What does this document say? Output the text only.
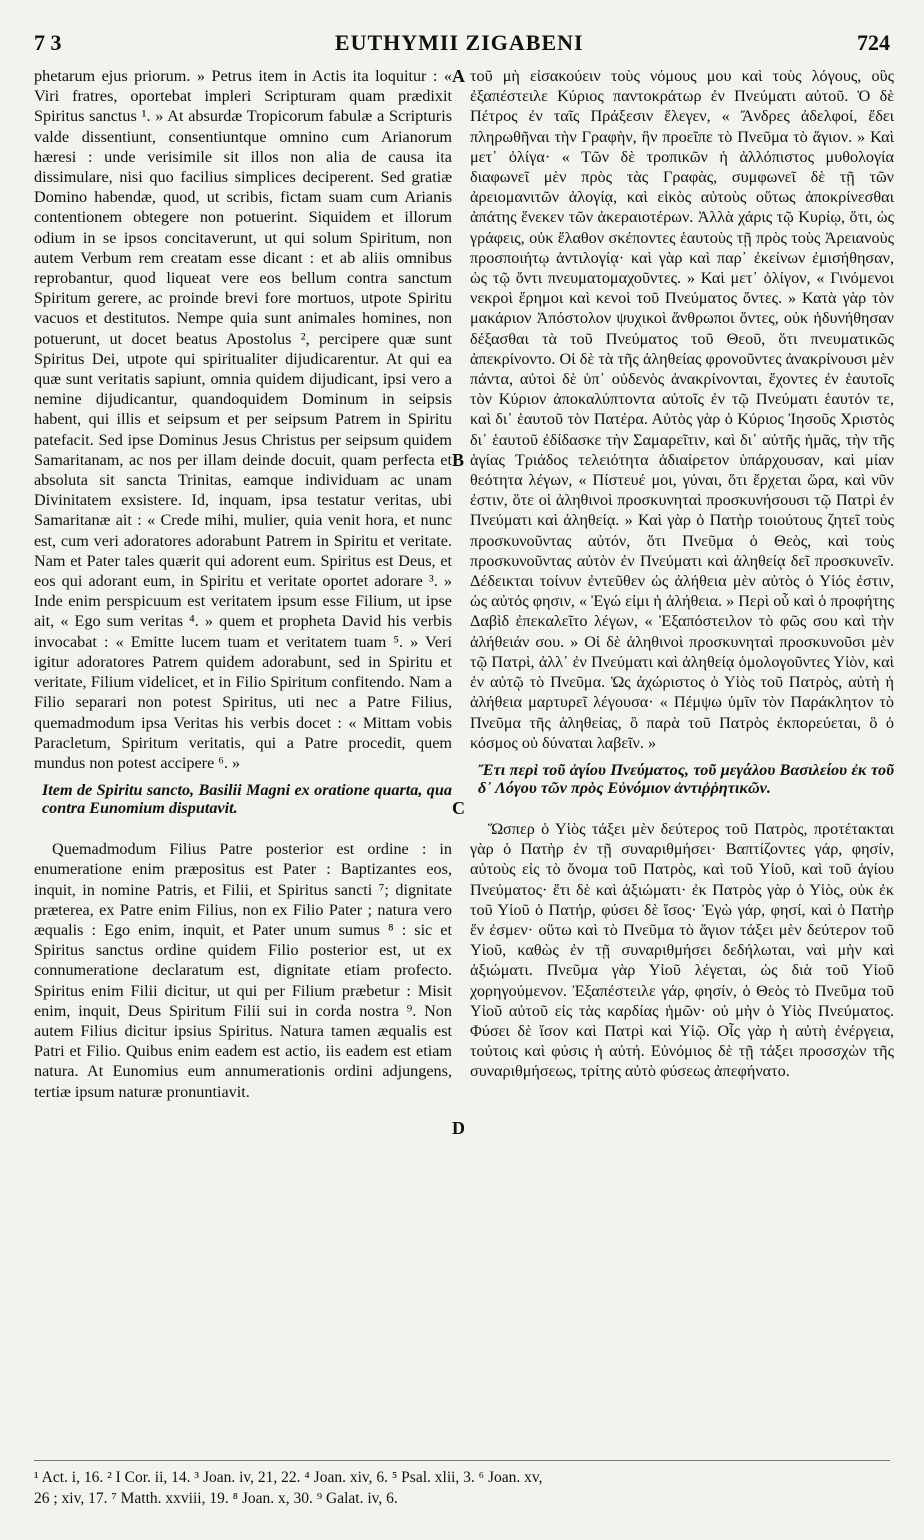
7 3	EUTHYMII ZIGABENI	724

phetarum ejus priorum. » Petrus item in Actis ita loquitur : « Viri fratres, oportebat impleri Scripturam quam prædixit Spiritus sanctus ¹. » At absurdæ Tropicorum fabulæ a Scripturis valde dissentiunt, consentiuntque omnino cum Arianorum hæresi : unde verisimile sit illos non alia de causa ita dissimulare, nisi quo facilius simplices deciperent. Sed gratiæ Domino habendæ, quod, ut scribis, fictam suam cum Arianis contentionem obtegere non potuerint. Siquidem et illorum odium in se ipsos concitaverunt, ut qui solum Spiritum, non autem Verbum rem creatam esse dicant : et ab aliis omnibus reprobantur, quod liqueat vere eos bellum contra sanctum Spiritum gerere, ac proinde brevi fore mortuos, utpote Spiritu vacuos et destitutos. Nempe quia sunt animales homines, non potuerunt, ut docet beatus Apostolus ², percipere quæ sunt Spiritus Dei, utpote qui spiritualiter dijudicarentur. At qui ea quæ sunt veritatis sapiunt, omnia quidem dijudicant, ipsi vero a nemine dijudicantur, quandoquidem Dominum in seipsis habent, qui illis et seipsum et per seipsum Patrem in Spiritu patefacit. Sed ipse Dominus Jesus Christus per seipsum quidem Samaritanam, ac nos per illam deinde docuit, quam perfecta et absoluta sit sancta Trinitas, eamque individuam ac unam Divinitatem exsistere. Id, inquam, ipsa testatur veritas, ubi Samaritanæ ait : « Crede mihi, mulier, quia venit hora, et nunc est, cum veri adoratores adorabunt Patrem in Spiritu et veritate. Nam et Pater tales quærit qui adorent eum. Spiritus est Deus, et eos qui adorant eum, in Spiritu et veritate oportet adorare ³. » Inde enim perspicuum est veritatem ipsum esse Filium, ut ipse ait, « Ego sum veritas ⁴. » quem et propheta David his verbis invocabat : « Emitte lucem tuam et veritatem tuam ⁵. » Veri igitur adoratores Patrem quidem adorabunt, sed in Spiritu et veritate, Filium videlicet, et in Filio Spiritum confitendo. Nam a Filio separari non potest Spiritus, uti nec a Patre Filius, quemadmodum ipsa Veritas his verbis docet : « Mittam vobis Paracletum, Spiritum veritatis, qui a Patre procedit, quem mundus non potest accipere ⁶. »

Item de Spiritu sancto, Basilii Magni ex oratione quarta, qua contra Eunomium disputavit.

Quemadmodum Filius Patre posterior est ordine : in enumeratione enim præpositus est Pater : Baptizantes eos, inquit, in nomine Patris, et Filii, et Spiritus sancti ⁷; dignitate præterea, ex Patre enim Filius, non ex Filio Pater ; natura vero æqualis : Ego enim, inquit, et Pater unum sumus ⁸ : sic et Spiritus sanctus ordine quidem Filio posterior est, ut ex connumeratione declaratum est, dignitate etiam profecto. Spiritus enim Filii dicitur, ut qui per Filium præbetur : Misit enim, inquit, Deus Spiritum Filii sui in corda nostra ⁹. Non autem Filius dicitur ipsius Spiritus. Natura tamen æqualis est Patri et Filio. Quibus enim eadem est actio, iis eadem est etiam natura. At Eunomius eum annumerationis ordini adjungens, tertiæ ipsum naturæ pronuntiavit.

A
B
C
D

τοῦ μὴ εἰσακούειν τοὺς νόμους μου καὶ τοὺς λόγους, οὓς ἐξαπέστειλε Κύριος παντοκράτωρ ἐν Πνεύματι αὐτοῦ. Ὁ δὲ Πέτρος ἐν ταῖς Πράξεσιν ἔλεγεν, « Ἄνδρες ἀδελφοί, ἔδει πληρωθῆναι τὴν Γραφὴν, ἣν προεῖπε τὸ Πνεῦμα τὸ ἅγιον. » Καὶ μετ᾽ ὀλίγα· « Τῶν δὲ τροπικῶν ἡ ἀλλόπιστος μυθολογία διαφωνεῖ μὲν πρὸς τὰς Γραφὰς, συμφωνεῖ δὲ τῇ τῶν ἀρειομανιτῶν ἀλογίᾳ, καὶ εἰκὸς αὐτοὺς οὕτως ἀποκρίνεσθαι ἀπάτης ἕνεκεν τῶν ἀκεραιοτέρων. Ἀλλὰ χάρις τῷ Κυρίῳ, ὅτι, ὡς γράφεις, οὐκ ἔλαθον σκέποντες ἑαυτοὺς τῇ πρὸς τοὺς Ἀρειανοὺς προσποιήτῳ ἀντιλογίᾳ· καὶ γὰρ καὶ παρ᾽ ἐκείνων ἐμισήθησαν, ὡς τῷ ὄντι πνευματομαχοῦντες. » Καὶ μετ᾽ ὀλίγον, « Γινόμενοι νεκροὶ ἔρημοι καὶ κενοὶ τοῦ Πνεύματος ὄντες. » Κατὰ γὰρ τὸν μακάριον Ἀπόστολον ψυχικοὶ ἄνθρωποι ὄντες, οὐκ ἠδυνήθησαν δέξασθαι τὰ τοῦ Πνεύματος τοῦ Θεοῦ, ὅτι πνευματικῶς ἀπεκρίνοντο. Οἱ δὲ τὰ τῆς ἀληθείας φρονοῦντες ἀνακρίνουσι μὲν πάντα, αὐτοὶ δὲ ὑπ᾽ οὐδενὸς ἀνακρίνονται, ἔχοντες ἐν ἑαυτοῖς τὸν Κύριον ἀποκαλύπτοντα αὐτοῖς ἐν τῷ Πνεύματι ἑαυτόν τε, καὶ δι᾽ ἑαυτοῦ τὸν Πατέρα. Αὐτὸς γὰρ ὁ Κύριος Ἰησοῦς Χριστὸς δι᾽ ἑαυτοῦ ἐδίδασκε τὴν Σαμαρεῖτιν, καὶ δι᾽ αὐτῆς ἡμᾶς, τὴν τῆς ἁγίας Τριάδος τελειότητα ἀδιαίρετον ὑπάρχουσαν, καὶ μίαν θεότητα λέγων, « Πίστευέ μοι, γύναι, ὅτι ἔρχεται ὥρα, καὶ νῦν ἐστιν, ὅτε οἱ ἀληθινοὶ προσκυνηταὶ προσκυνήσουσι τῷ Πατρὶ ἐν Πνεύματι καὶ ἀληθείᾳ. » Καὶ γὰρ ὁ Πατὴρ τοιούτους ζητεῖ τοὺς προσκυνοῦντας αὐτόν, ὅτι Πνεῦμα ὁ Θεὸς, καὶ τοὺς προσκυνοῦντας αὐτὸν ἐν Πνεύματι καὶ ἀληθείᾳ δεῖ προσκυνεῖν. Δέδεικται τοίνυν ἐντεῦθεν ὡς ἀλήθεια μὲν αὐτὸς ὁ Υἱός ἐστιν, ὡς αὐτός φησιν, « Ἐγώ εἰμι ἡ ἀλήθεια. » Περὶ οὗ καὶ ὁ προφήτης Δαβὶδ ἐπεκαλεῖτο λέγων, « Ἐξαπόστειλον τὸ φῶς σου καὶ τὴν ἀλήθειάν σου. » Οἱ δὲ ἀληθινοὶ προσκυνηταὶ προσκυνοῦσι μὲν τῷ Πατρὶ, ἀλλ᾽ ἐν Πνεύματι καὶ ἀληθείᾳ ὁμολογοῦντες Υἱὸν, καὶ ἐν αὐτῷ τὸ Πνεῦμα. Ὡς ἀχώριστος ὁ Υἱὸς τοῦ Πατρὸς, αὐτὴ ἡ ἀλήθεια μαρτυρεῖ λέγουσα· « Πέμψω ὑμῖν τὸν Παράκλητον τὸ Πνεῦμα τῆς ἀληθείας, ὃ παρὰ τοῦ Πατρὸς ἐκπορεύεται, ὃ ὁ κόσμος οὐ δύναται λαβεῖν. »

Ἔτι περὶ τοῦ ἁγίου Πνεύματος, τοῦ μεγάλου Βασιλείου ἐκ τοῦ δ᾽ Λόγου τῶν πρὸς Εὐνόμιον ἀντιῤῥητικῶν.

Ὥσπερ ὁ Υἱὸς τάξει μὲν δεύτερος τοῦ Πατρὸς, προτέτακται γὰρ ὁ Πατὴρ ἐν τῇ συναριθμήσει· Βαπτίζοντες γάρ, φησίν, αὐτοὺς εἰς τὸ ὄνομα τοῦ Πατρὸς, καὶ τοῦ Υἱοῦ, καὶ τοῦ ἁγίου Πνεύματος· ἔτι δὲ καὶ ἀξιώματι· ἐκ Πατρὸς γὰρ ὁ Υἱὸς, οὐκ ἐκ τοῦ Υἱοῦ ὁ Πατήρ, φύσει δὲ ἴσος· Ἐγὼ γάρ, φησί, καὶ ὁ Πατὴρ ἕν ἐσμεν· οὕτω καὶ τὸ Πνεῦμα τὸ ἅγιον τάξει μὲν δεύτερον τοῦ Υἱοῦ, καθὼς ἐν τῇ συναριθμήσει δεδήλωται, ναὶ μὴν καὶ ἀξιώματι. Πνεῦμα γὰρ Υἱοῦ λέγεται, ὡς διὰ τοῦ Υἱοῦ χορηγούμενον. Ἐξαπέστειλε γάρ, φησίν, ὁ Θεὸς τὸ Πνεῦμα τοῦ Υἱοῦ αὐτοῦ εἰς τὰς καρδίας ἡμῶν· οὐ μὴν ὁ Υἱὸς Πνεύματος. Φύσει δὲ ἴσον καὶ Πατρὶ καὶ Υἱῷ. Οἷς γὰρ ἡ αὐτὴ ἐνέργεια, τούτοις καὶ φύσις ἡ αὐτή. Εὐνόμιος δὲ τῇ τάξει προσσχὼν τῆς συναριθμήσεως, τρίτης αὐτὸ φύσεως ἀπεφήνατο.

¹ Act. i, 16. ² I Cor. ii, 14. ³ Joan. iv, 21, 22. ⁴ Joan. xiv, 6. ⁵ Psal. xlii, 3. ⁶ Joan. xv,
26 ; xiv, 17. ⁷ Matth. xxviii, 19. ⁸ Joan. x, 30. ⁹ Galat. iv, 6.
